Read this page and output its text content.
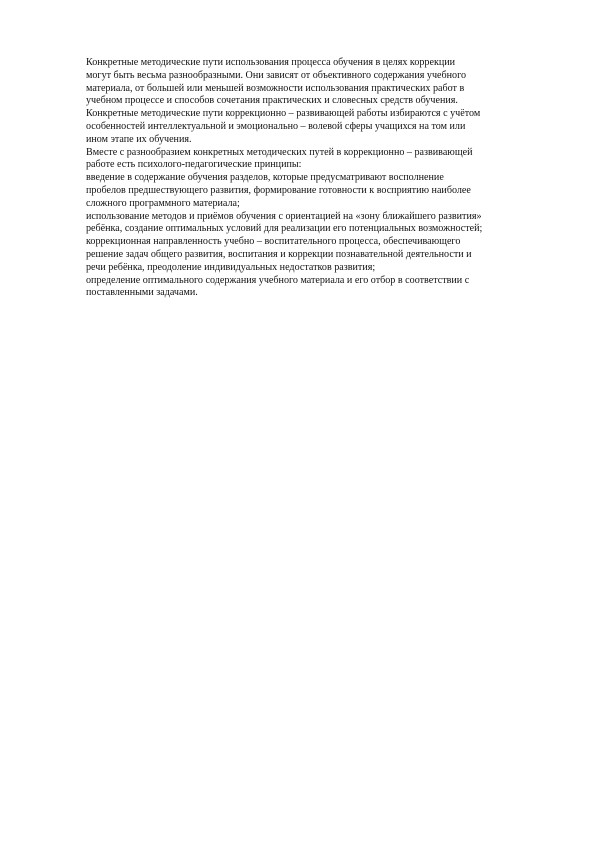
Конкретные методические пути использования процесса обучения в целях коррекции
могут быть весьма разнообразными. Они зависят от объективного содержания учебного
материала, от большей или меньшей возможности использования практических работ в
учебном процессе и способов сочетания практических и словесных средств обучения.
Конкретные методические пути коррекционно – развивающей работы избираются с учётом
особенностей интеллектуальной и эмоционально – волевой сферы учащихся на том или
ином этапе их обучения.
Вместе с разнообразием конкретных методических путей в коррекционно – развивающей
работе есть психолого-педагогические принципы:
введение в содержание обучения разделов, которые предусматривают восполнение
пробелов предшествующего развития, формирование готовности к восприятию наиболее
сложного программного материала;
использование методов и приёмов обучения с ориентацией на «зону ближайшего развития»
ребёнка, создание оптимальных условий для реализации его потенциальных возможностей;
коррекционная направленность учебно – воспитательного процесса, обеспечивающего
решение задач общего развития, воспитания и коррекции познавательной деятельности и
речи ребёнка, преодоление индивидуальных недостатков развития;
определение оптимального содержания учебного материала и его отбор в соответствии с
поставленными задачами.
